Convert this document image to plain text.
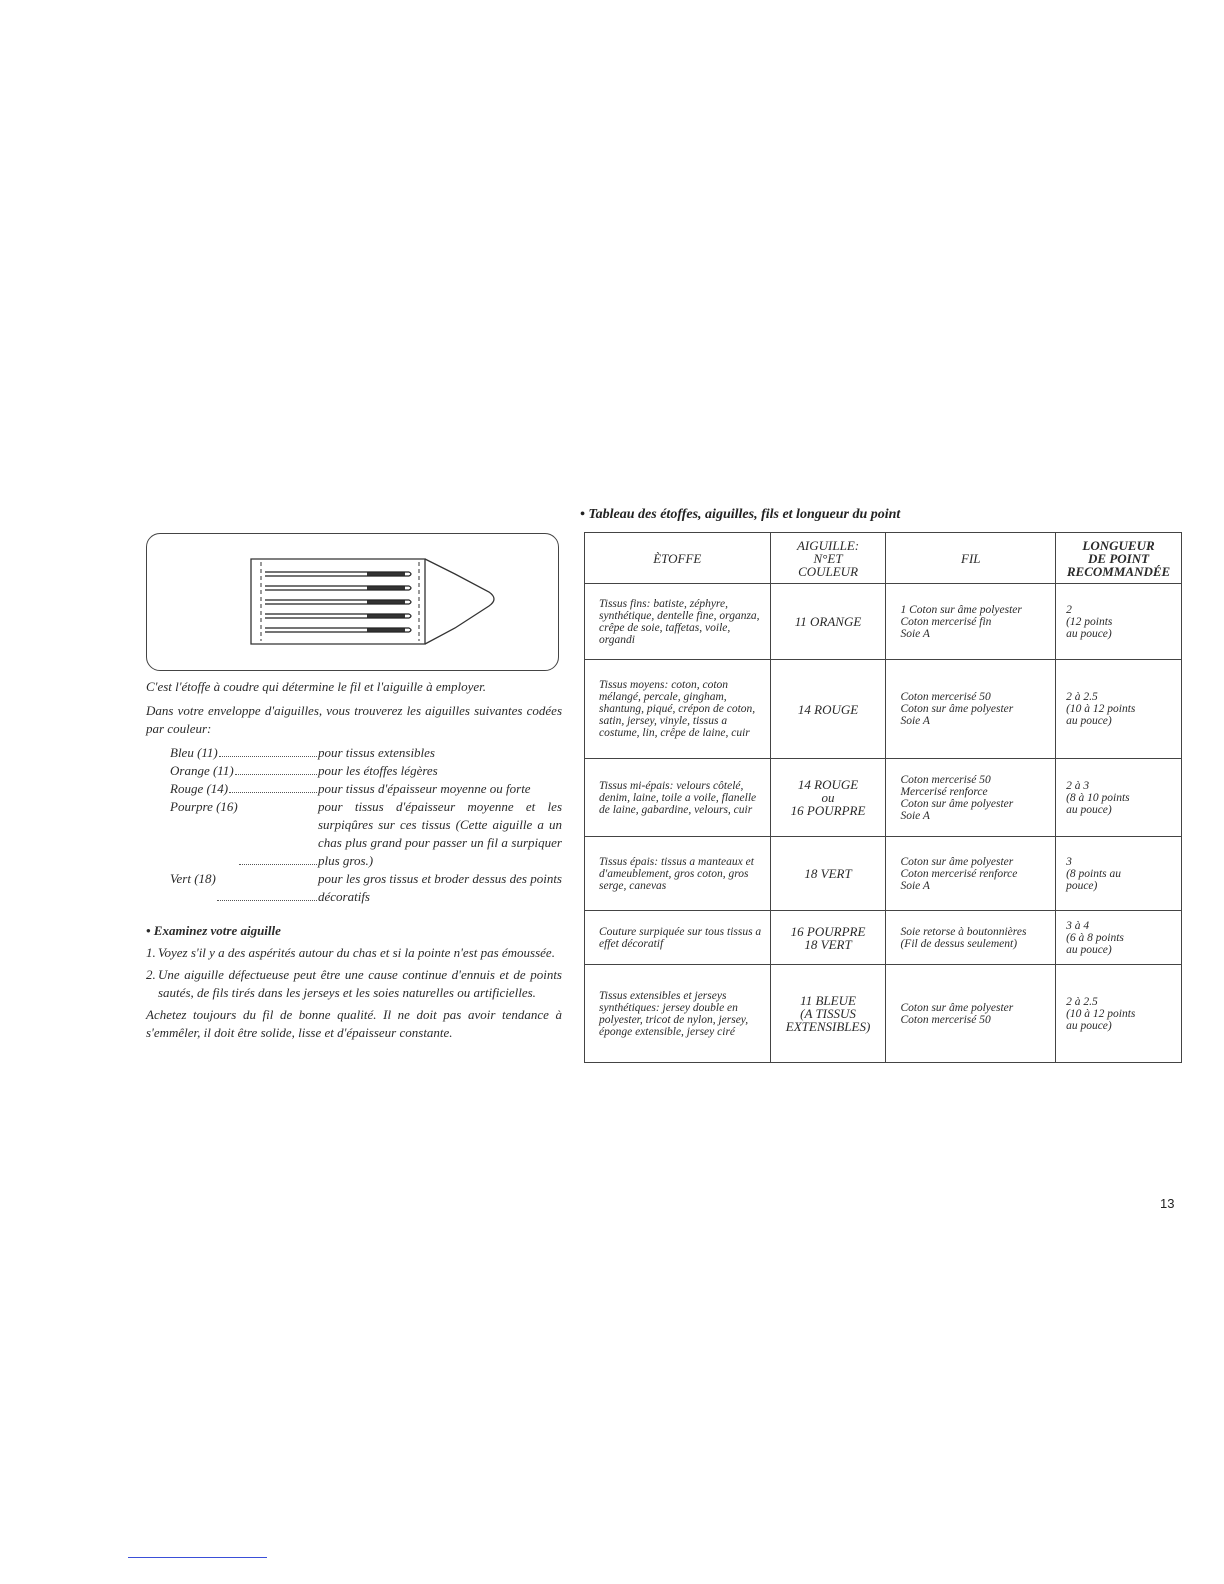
C'est l'étoffe à coudre qui détermine le fil et l'aiguille à employer.

Dans votre enveloppe d'aiguilles, vous trouverez les aiguilles suivantes codées par couleur:

Bleu (11)	pour tissus extensibles
Orange (11)	pour les étoffes légères
Rouge (14)	pour tissus d'épaisseur moyenne ou forte
Pourpre (16)	pour tissus d'épaisseur moyenne et les surpiqûres sur ces tissus (Cette aiguille a un chas plus grand pour passer un fil a surpiquer plus gros.)
Vert (18)	pour les gros tissus et broder dessus des points décoratifs
• Examinez votre aiguille
1. Voyez s'il y a des aspérités autour du chas et si la pointe n'est pas émoussée.
2. Une aiguille défectueuse peut être une cause continue d'ennuis et de points sautés, de fils tirés dans les jerseys et les soies naturelles ou artificielles.

Achetez toujours du fil de bonne qualité. Il ne doit pas avoir tendance à s'emmêler, il doit être solide, lisse et d'épaisseur constante.

• Tableau des étoffes, aiguilles, fils et longueur du point
ÈTOFFE	AIGUILLE:
N°ET
COULEUR	FIL	LONGUEUR
DE POINT
RECOMMANDÉE
Tissus fins: batiste, zéphyre, synthétique, dentelle fine, organza, crêpe de soie, taffetas, voile, organdi	11 ORANGE	1 Coton sur âme polyester
Coton mercerisé fin
Soie A	2
(12 points
au pouce)
Tissus moyens: coton, coton mélangé, percale, gingham, shantung, piqué, crépon de coton, satin, jersey, vinyle, tissus a costume, lin, crêpe de laine, cuir	14 ROUGE	Coton mercerisé 50
Coton sur âme polyester
Soie A	2 à 2.5
(10 à 12 points
au pouce)
Tissus mi-épais: velours côtelé, denim, laine, toile a voile, flanelle de laine, gabardine, velours, cuir	14 ROUGE
ou
16 POURPRE	Coton mercerisé 50
Mercerisé renforce
Coton sur âme polyester
Soie A	2 à 3
(8 à 10 points
au pouce)
Tissus épais: tissus a manteaux et d'ameublement, gros coton, gros serge, canevas	18 VERT	Coton sur âme polyester
Coton mercerisé renforce
Soie A	3
(8 points au
pouce)
Couture surpiquée sur tous tissus a effet décoratif	16 POURPRE
18 VERT	Soie retorse à boutonnières
(Fil de dessus seulement)	3 à 4
(6 à 8 points
au pouce)
Tissus extensibles et jerseys synthétiques: jersey double en polyester, tricot de nylon, jersey, éponge extensible, jersey ciré	11 BLEUE
(A TISSUS
EXTENSIBLES)	Coton sur âme polyester
Coton mercerisé 50	2 à 2.5
(10 à 12 points
au pouce)
13
